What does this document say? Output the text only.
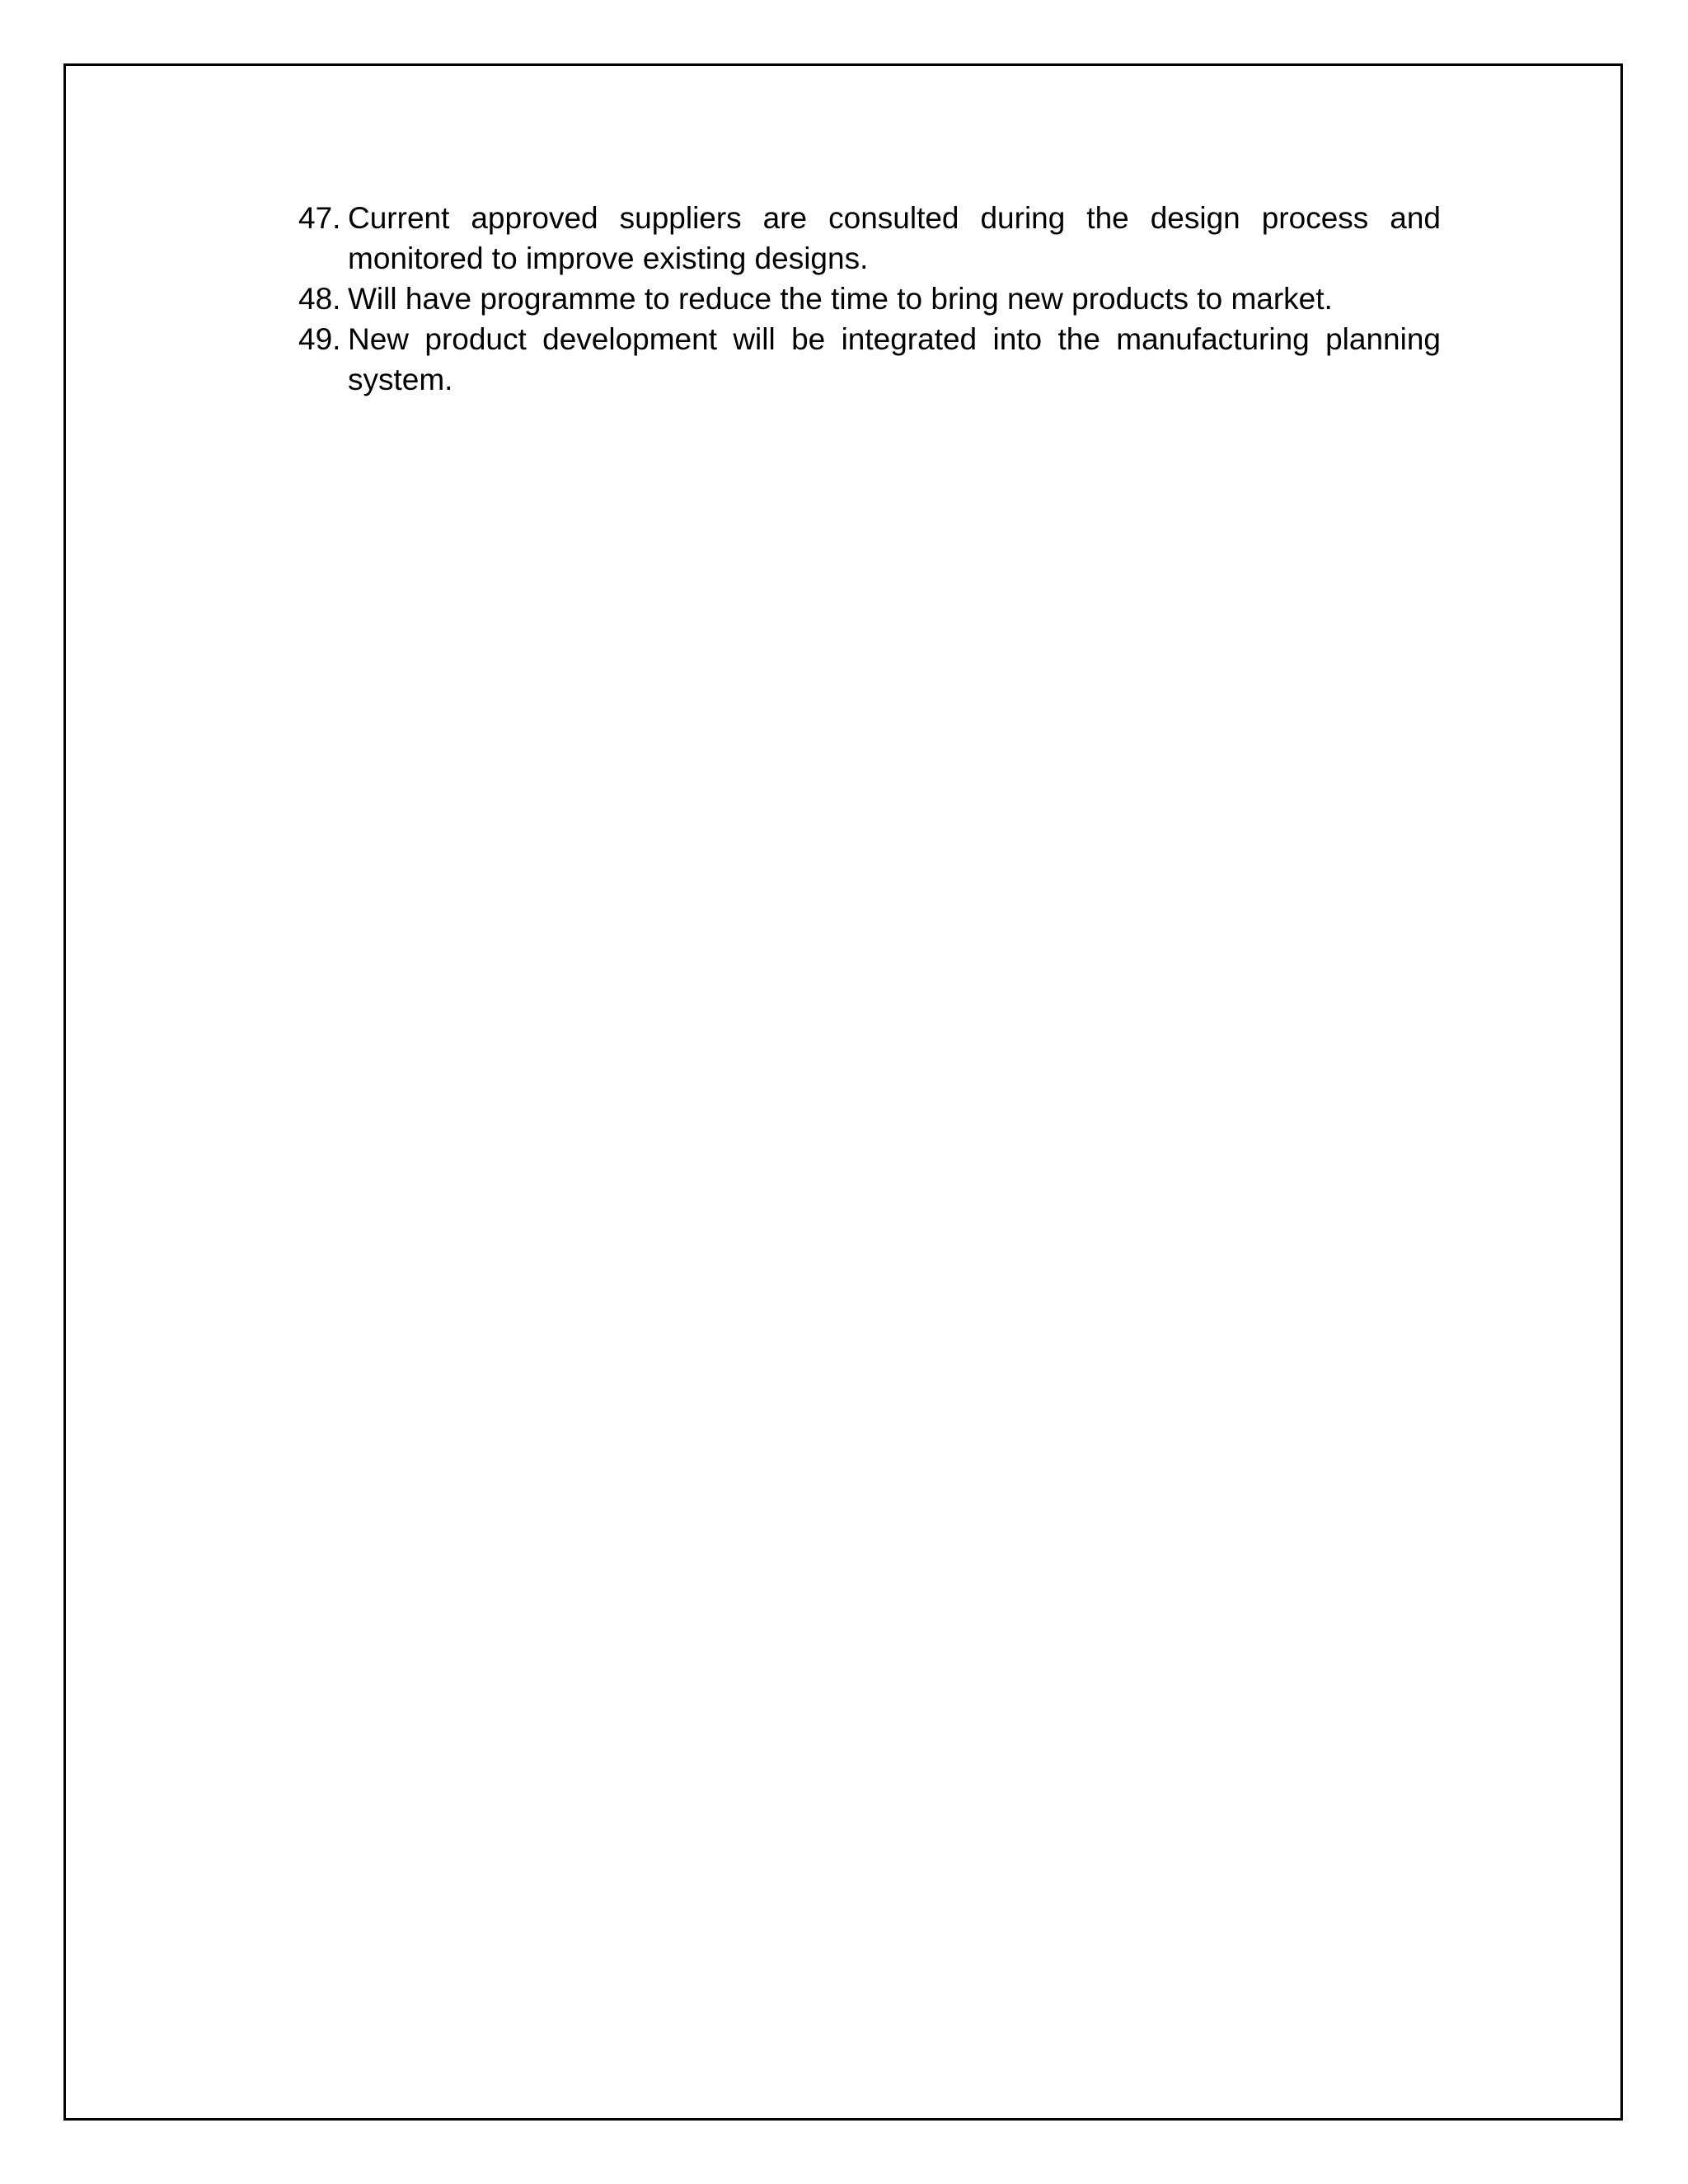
47. Current approved suppliers are consulted during the design process and monitored to improve existing designs.
48. Will have programme to reduce the time to bring new products to market.
49. New product development will be integrated into the manufacturing planning system.
